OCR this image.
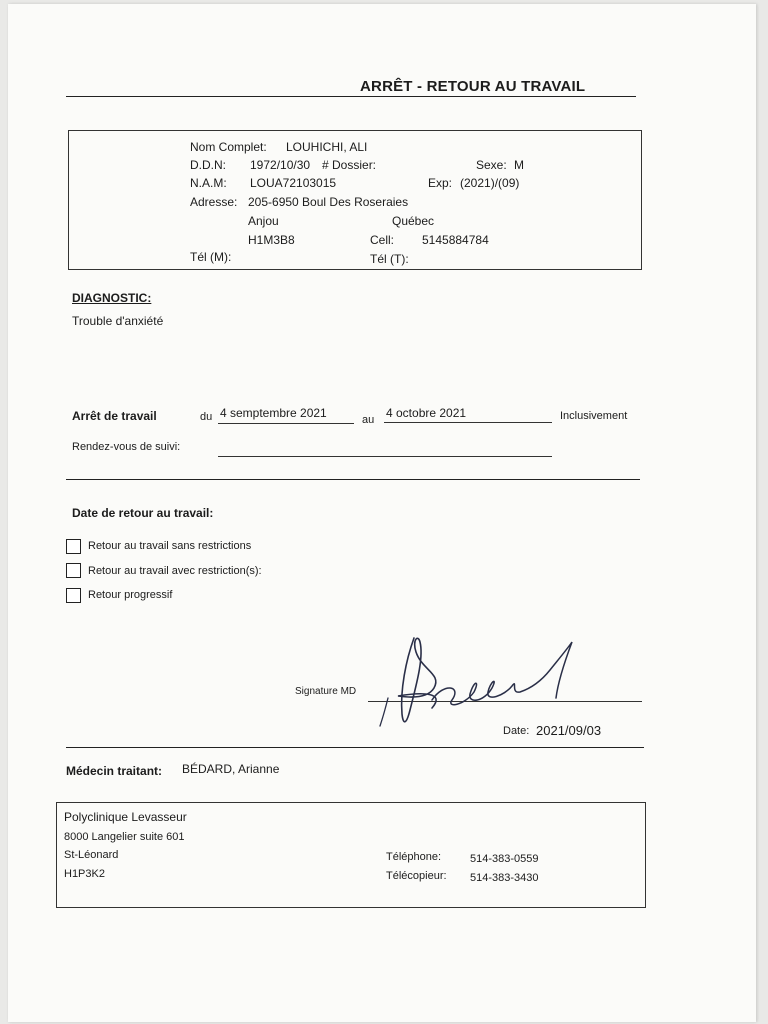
ARRÊT - RETOUR AU TRAVAIL
Nom Complet: LOUHICHI, ALI
D.D.N: 1972/10/30 # Dossier:	Sexe: M
N.A.M: LOUA72103015	Exp: (2021)/(09)
Adresse: 205-6950 Boul Des Roseraies
Anjou	Québec
H1M3B8	Cell: 5145884784
Tél (M):	Tél (T):
DIAGNOSTIC:
Trouble d'anxiété
Arrêt de travail	du 4 semptembre 2021	au 4 octobre 2021	Inclusivement
Rendez-vous de suivi:
Date de retour au travail:
Retour au travail sans restrictions
Retour au travail avec restriction(s):
Retour progressif
Signature MD
Date: 2021/09/03
Médecin traitant: BÉDARD, Arianne
Polyclinique Levasseur
8000 Langelier suite 601
St-Léonard
H1P3K2
Téléphone:	514-383-0559
Télécopieur: 514-383-3430
